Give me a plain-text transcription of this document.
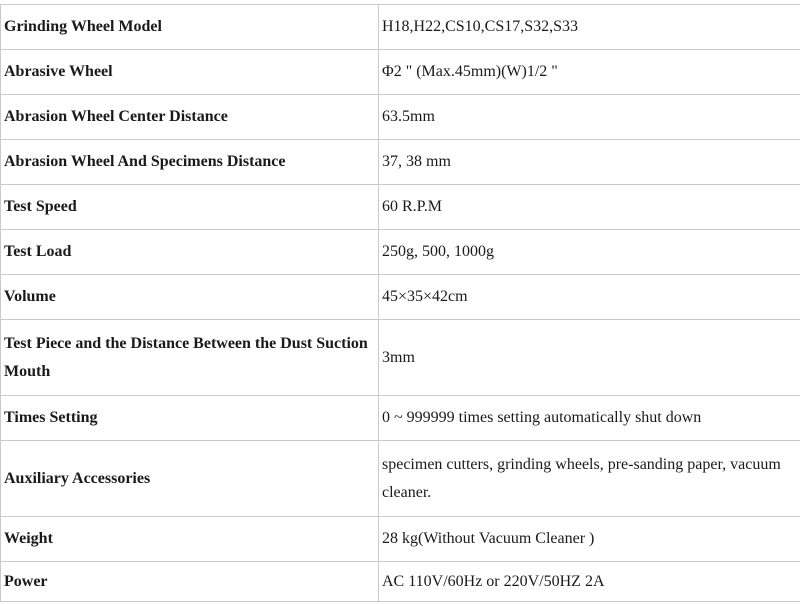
Grinding Wheel Model	H18,H22,CS10,CS17,S32,S33
Abrasive Wheel	Φ2 " (Max.45mm)(W)1/2 "
Abrasion Wheel Center Distance	63.5mm
Abrasion Wheel And Specimens Distance	37, 38 mm
Test Speed	60 R.P.M
Test Load	250g, 500, 1000g
Volume	45×35×42cm
Test Piece and the Distance Between the Dust Suction Mouth	3mm
Times Setting	0 ~ 999999 times setting automatically shut down
Auxiliary Accessories	specimen cutters, grinding wheels, pre-sanding paper, vacuum cleaner.
Weight	28 kg(Without Vacuum Cleaner )
Power	AC 110V/60Hz or 220V/50HZ 2A
